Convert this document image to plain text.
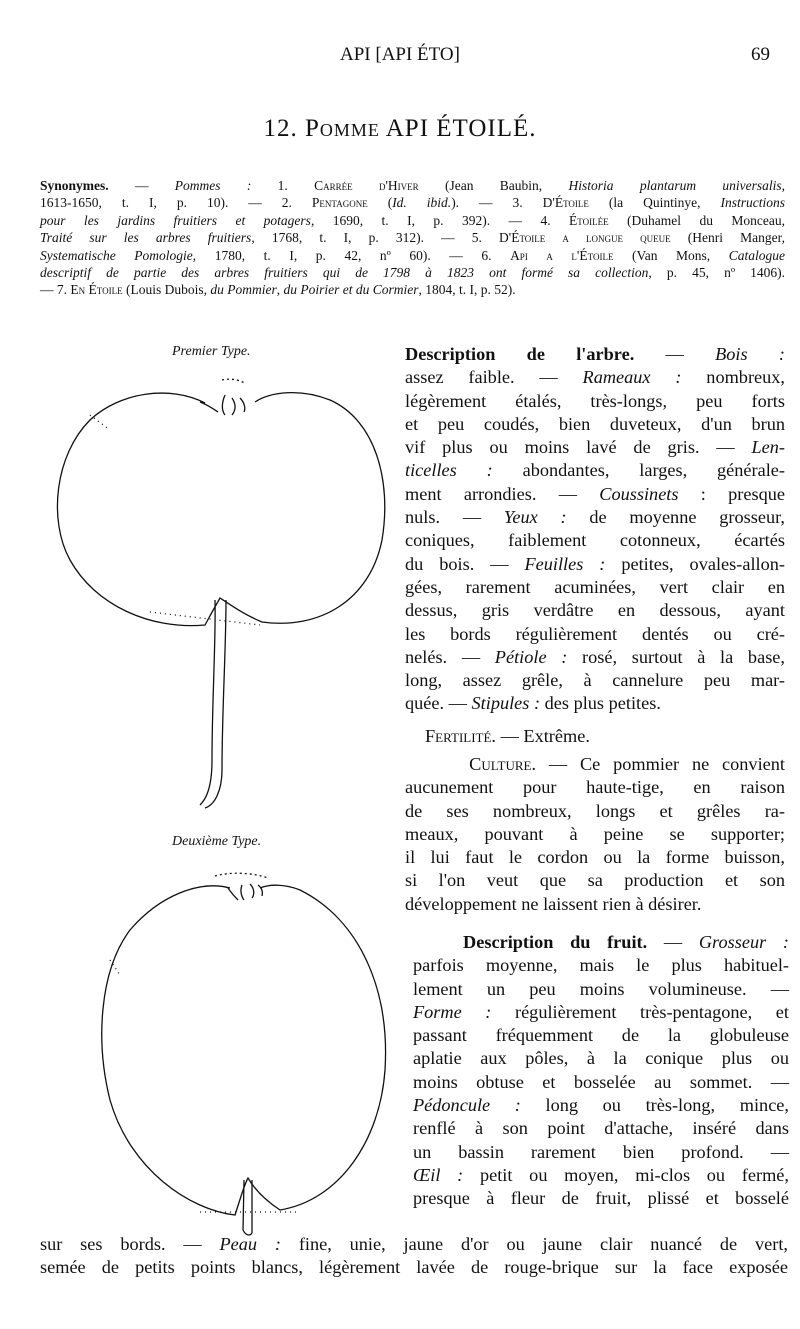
API [API ÉTO]	69
12. Pomme API ÉTOILÉ.
Synonymes. — Pommes : 1. Carrée d'Hiver (Jean Baubin, Historia plantarum universalis,
1613-1650, t. I, p. 10). — 2. Pentagone (Id. ibid.). — 3. D'Étoile (la Quintinye, Instructions
pour les jardins fruitiers et potagers, 1690, t. I, p. 392). — 4. Étoilée (Duhamel du Monceau,
Traité sur les arbres fruitiers, 1768, t. I, p. 312). — 5. D'Étoile a longue queue (Henri Manger,
Systematische Pomologie, 1780, t. I, p. 42, nº 60). — 6. Api a l'Étoile (Van Mons, Catalogue
descriptif de partie des arbres fruitiers qui de 1798 à 1823 ont formé sa collection, p. 45, nº 1406).
— 7. En Étoile (Louis Dubois, du Pommier, du Poirier et du Cormier, 1804, t. I, p. 52).
Premier Type.
Deuxième Type.
Description de l'arbre. — Bois :
assez faible. — Rameaux : nombreux,
légèrement étalés, très-longs, peu forts
et peu coudés, bien duveteux, d'un brun
vif plus ou moins lavé de gris. — Len-
ticelles : abondantes, larges, générale-
ment arrondies. — Coussinets : presque
nuls. — Yeux : de moyenne grosseur,
coniques, faiblement cotonneux, écartés
du bois. — Feuilles : petites, ovales-allon-
gées, rarement acuminées, vert clair en
dessus, gris verdâtre en dessous, ayant
les bords régulièrement dentés ou cré-
nelés. — Pétiole : rosé, surtout à la base,
long, assez grêle, à cannelure peu mar-
quée. — Stipules : des plus petites.
Fertilité. — Extrême.
Culture. — Ce pommier ne convient
aucunement pour haute-tige, en raison
de ses nombreux, longs et grêles ra-
meaux, pouvant à peine se supporter;
il lui faut le cordon ou la forme buisson,
si l'on veut que sa production et son
développement ne laissent rien à désirer.
Description du fruit. — Grosseur :
parfois moyenne, mais le plus habituel-
lement un peu moins volumineuse. —
Forme : régulièrement très-pentagone, et
passant fréquemment de la globuleuse
aplatie aux pôles, à la conique plus ou
moins obtuse et bosselée au sommet. —
Pédoncule : long ou très-long, mince,
renflé à son point d'attache, inséré dans
un bassin rarement bien profond. —
Œil : petit ou moyen, mi-clos ou fermé,
presque à fleur de fruit, plissé et bosselé
sur ses bords. — Peau : fine, unie, jaune d'or ou jaune clair nuancé de vert,
semée de petits points blancs, légèrement lavée de rouge-brique sur la face exposée
